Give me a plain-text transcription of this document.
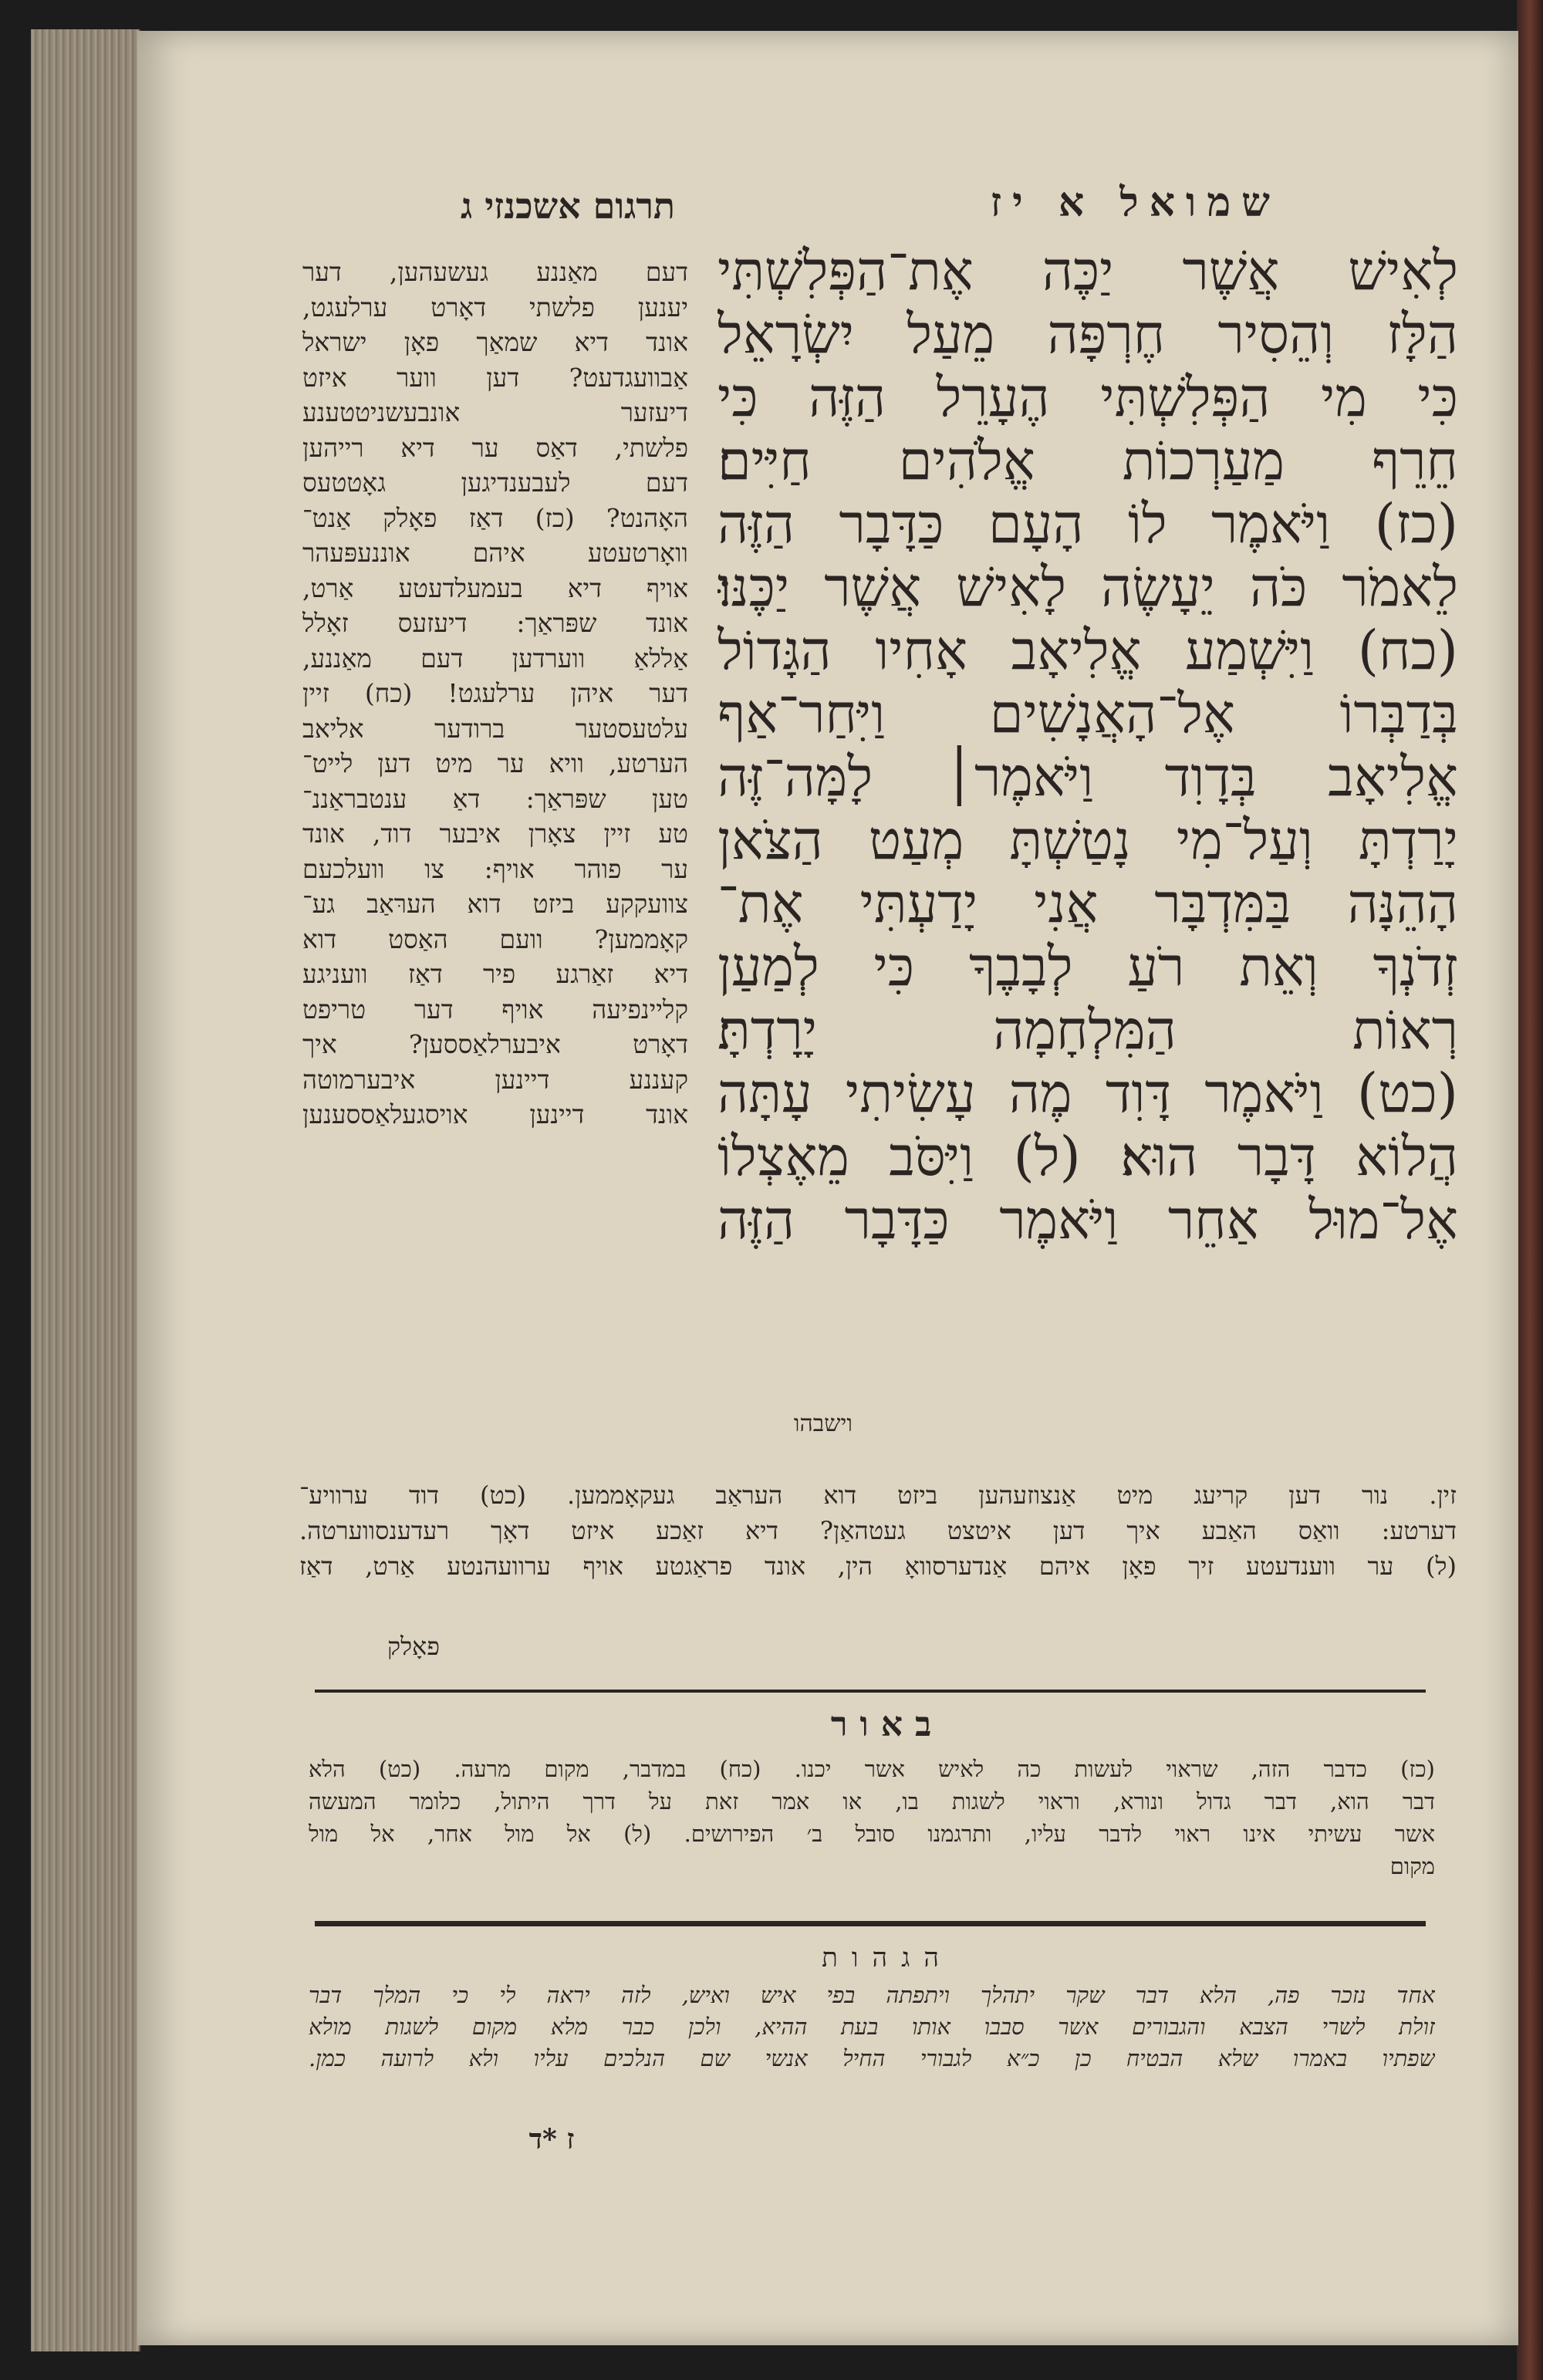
שמואל א יז
תרגום אשכנזי ג
לְאִישׁ אֲשֶׁר יַכֶּה אֶת־הַפְּלִשְׁתִּי
הַלָּז וְהֵסִיר חֶרְפָּה מֵעַל יִשְׂרָאֵל
כִּי מִי הַפְּלִשְׁתִּי הֶעָרֵל הַזֶּה כִּי
חֵרֵף מַעַרְכוֹת אֱלֹהִים חַיִּים׃
(כז) וַיֹּאמֶר לוֹ הָעָם כַּדָּבָר הַזֶּה
לֵאמֹר כֹּה יֵעָשֶׂה לָאִישׁ אֲשֶׁר יַכֶּנּוּ׃
(כח) וַיִּשְׁמַע אֱלִיאָב אָחִיו הַגָּדוֹל
בְּדַבְּרוֹ אֶל־הָאֲנָשִׁים וַיִּחַר־אַף
אֱלִיאָב בְּדָוִד וַיֹּאמֶר׀ לָמָּה־זֶּה
יָרַדְתָּ וְעַל־מִי נָטַשְׁתָּ מְעַט הַצֹּאן
הָהֵנָּה בַּמִּדְבָּר אֲנִי יָדַעְתִּי אֶת־
זְדֹנְךָ וְאֵת רֹעַ לְבָבֶךָ כִּי לְמַעַן
רְאוֹת הַמִּלְחָמָה יָרָדְתָּ׃
(כט) וַיֹּאמֶר דָּוִד מֶה עָשִׂיתִי עָתָּה
הֲלוֹא דָּבָר הוּא׃ (ל) וַיִּסֹּב מֵאֶצְלוֹ
אֶל־מוּל אַחֵר וַיֹּאמֶר כַּדָּבָר הַזֶּה
וישבהו
דעם מאַננע געשעהען, דער
יענען פלשתי דאָרט ערלעגט,
אונד דיא שמאַך פאָן ישראל
אַבוועגדעט? דען ווער איזט
דיעזער אונבעשניטטענע
פלשתי, דאַס ער דיא רייהען
דעם לעבענדיגען גאָטטעס
האָהנט? (כז) דאַז פאָלק אַנט־
וואָרטעטע איהם אוננעפּעהר
אויף דיא בעמעלדעטע אַרט,
אונד שפּראַך: דיעזעס זאָלל
אַללאַ ווערדען דעם מאַננע,
דער איהן ערלעגט! (כח) זיין
עלטעסטער ברודער אליאב
הערטע, וויא ער מיט דען לייט־
טען שפּראַך: דאַ ענטבראַננ־
טע זיין צאָרן איבער דוד, אונד
ער פוהר אויף: צו וועלכעם
צוועקקע ביזט דוא הערּאַב גע־
קאָממען? וועם האַסט דוא
דיא זאַרגע פיר דאַז וועניגע
קליינפיעה אויף דער טריפט
דאָרט איבערלאַססען? איך
קעננע דיינען איבערמוטה
אונד דיינען אויסגעלאַססענען
זין. נור דען קריעג מיט אַנצוזעהען ביזט דוא העראַב געקאָממען. (כט) דוד ערוויע־
דערטע: וואַס האַבע איך דען איטצט געטהאַן? דיא זאַכע איזט דאָך רעדענסווערטה.
(ל) ער ווענדעטע זיך פאָן איהם אַנדערסוואָ הין, אונד פראַגטע אויף ערוועהנטע אַרט, דאַז
פאָלק
באור
(כז) כדבר הזה, שראוי לעשות כה לאיש אשר יכנו. (כח) במדבר, מקום מרעה. (כט) הלא
דבר הוא, דבר גדול ונורא, וראוי לשגות בו, או אמר זאת על דרך היתול, כלומר המעשה
אשר עשיתי אינו ראוי לדבר עליו, ותרגמנו סובל ב׳ הפירושים. (ל) אל מול אחר, אל מול
מקום
הגהות
אחד נזכר פה, הלא דבר שקר יתהלך ויתפתה בפי איש ואיש, לזה יראה לי כי המלך דבר
זולת לשרי הצבא והגבורים אשר סבבו אותו בעת ההיא, ולכן כבר מלא מקום לשגות מולא
שפתיו באמרו שלא הבטיח כן כ״א לגבורי החיל אנשי שם הנלכים עליו ולא לרועה כמן.
ז *ד
